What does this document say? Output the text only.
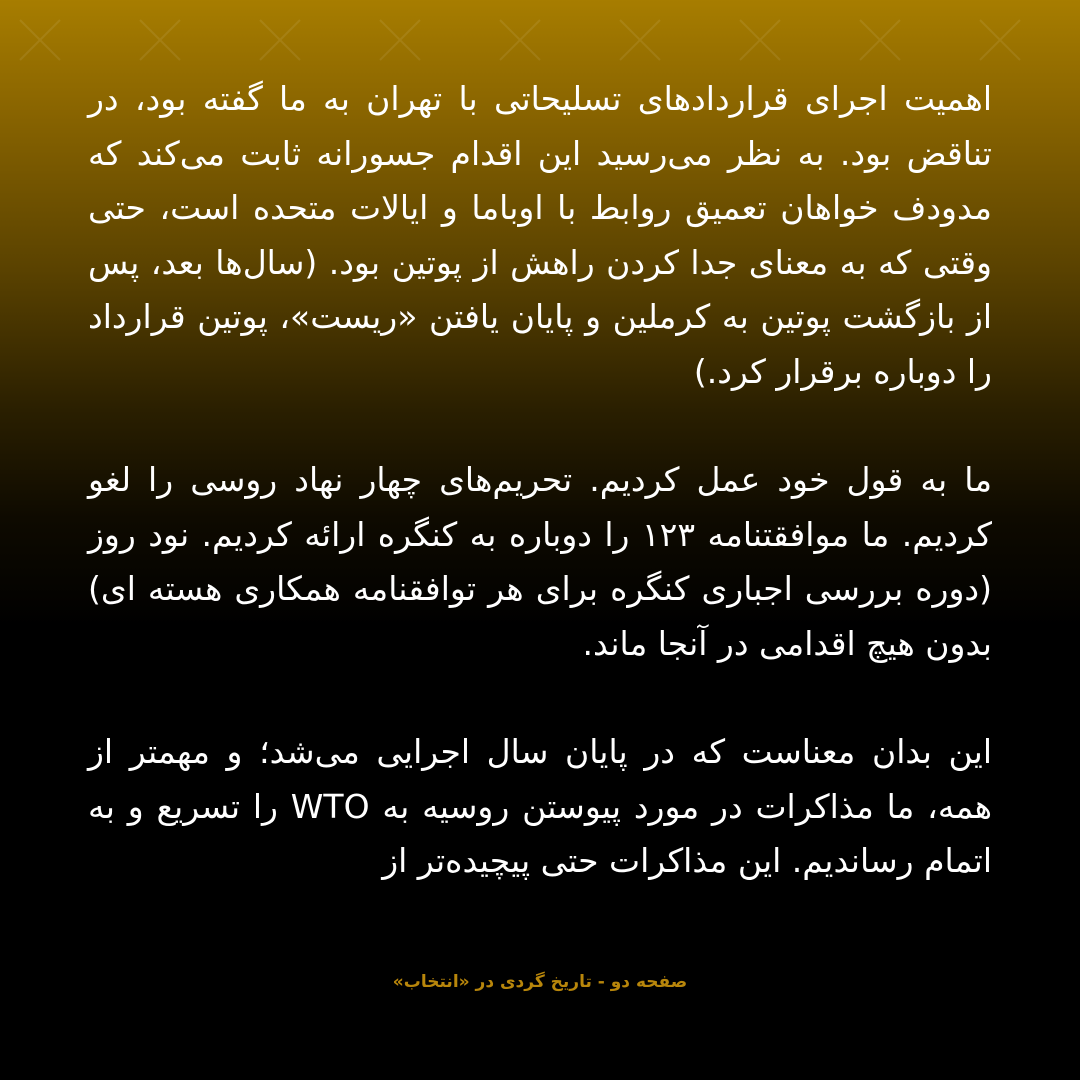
اهمیت اجرای قراردادهای تسلیحاتی با تهران به ما گفته بود، در تناقض بود. به نظر می‌رسید این اقدام جسورانه ثابت می‌کند که مدودف خواهان تعمیق روابط با اوباما و ایالات متحده است، حتی وقتی که به معنای جدا کردن راهش از پوتین بود. (سال‌ها بعد، پس از بازگشت پوتین به کرملین و پایان یافتن «ریست»، پوتین قرارداد را دوباره برقرار کرد.)

ما به قول خود عمل کردیم. تحریم‌های چهار نهاد روسی را لغو کردیم. ما موافقتنامه ۱۲۳ را دوباره به کنگره ارائه کردیم. نود روز (دوره بررسی اجباری کنگره برای هر توافقنامه همکاری هسته ای) بدون هیچ اقدامی در آنجا ماند.

این بدان معناست که در پایان سال اجرایی می‌شد؛ و مهمتر از همه، ما مذاکرات در مورد پیوستن روسیه به WTO را تسریع و به اتمام رساندیم. این مذاکرات حتی پیچیده‌تر از

صفحه دو - تاریخ گردی در «انتخاب»
